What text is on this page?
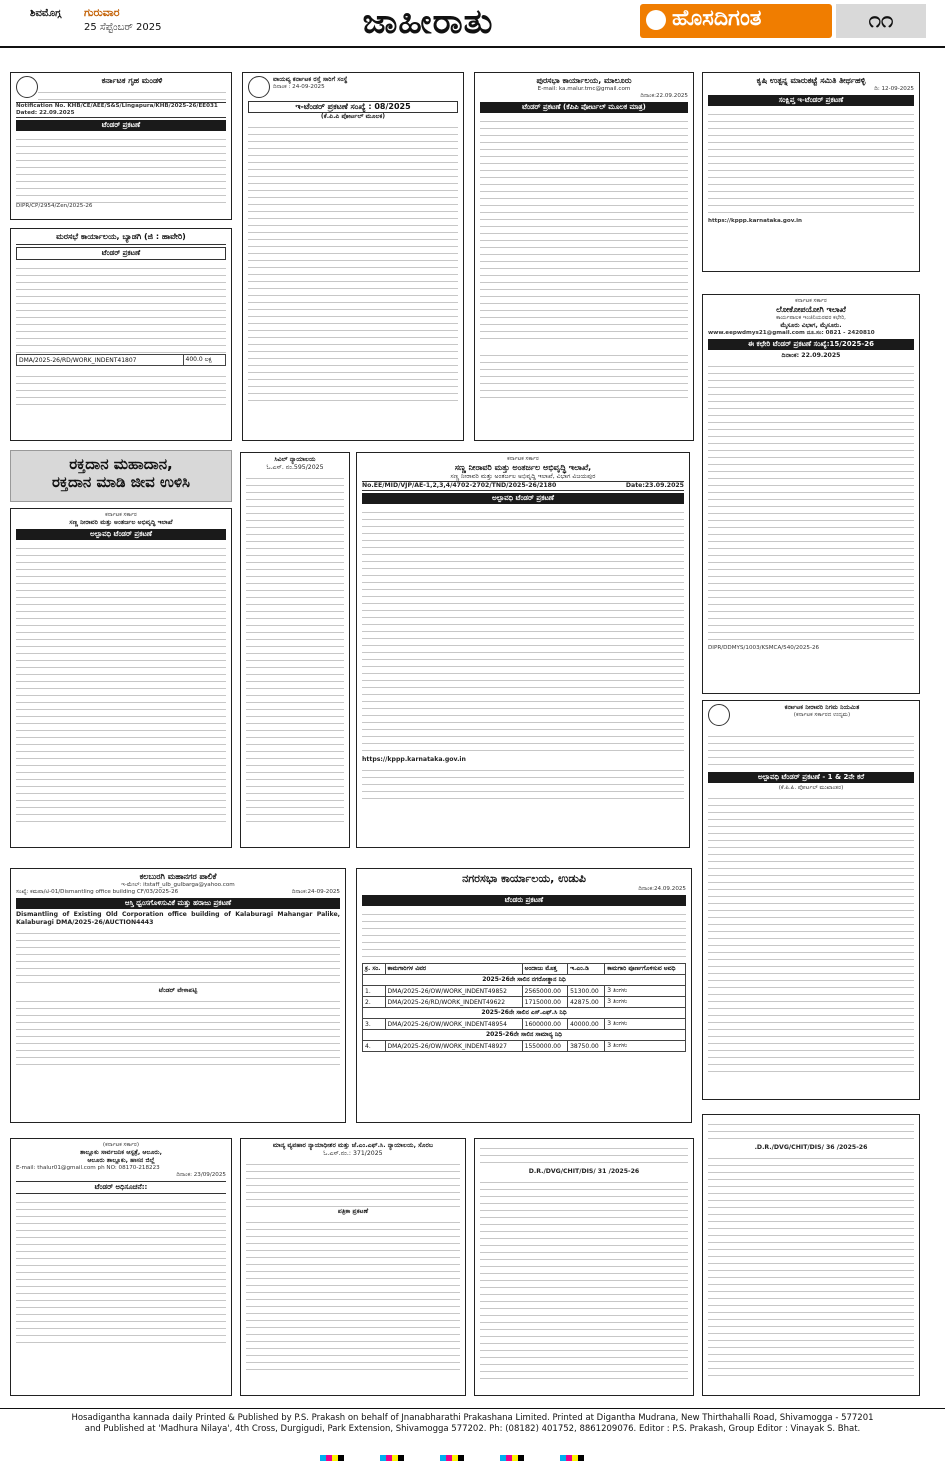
ಶಿವಮೊಗ್ಗ ಗುರುವಾರ
25 ಸೆಪ್ಟೆಂಬರ್ 2025	ಜಾಹೀರಾತು	ಹೊಸದಿಗಂತ	೧೧
ಕರ್ನಾಟಕ ಗೃಹ ಮಂಡಳಿ
Notification No. KHB/CE/AEE/S&S/Lingapura/KHB/2025-26/EE031 Dated: 22.09.2025
ಟೆಂಡರ್ ಪ್ರಕಟಣೆ
DIPR/CP/2954/Zen/2025-26
ಮರಸಭೆ ಕಾರ್ಯಾಲಯ, ಬ್ಯಾಡಗಿ (ಜಿ : ಹಾವೇರಿ)
ಟೆಂಡರ್ ಪ್ರಕಟಣೆ
DMA/2025-26/RD/WORK_INDENT41807	400.0 ಲಕ್ಷ
ವಾಯವ್ಯ ಕರ್ನಾಟಕ ರಸ್ತೆ ಸಾರಿಗೆ ಸಂಸ್ಥೆ
ದಿನಾಂಕ : 24-09-2025
ಇ-ಟೆಂಡರ್ ಪ್ರಕಟಣೆ ಸಂಖ್ಯೆ : 08/2025
(ಕೆ.ಪಿ.ಪಿ ಪೋರ್ಟಲ್ ಮೂಲಕ)
ಪುರಸಭಾ ಕಾರ್ಯಾಲಯ, ಮಾಲೂರು
E-mail: ka.malur.tmc@gmail.com
ದಿನಾಂಕ:22.09.2025
ಟೆಂಡರ್ ಪ್ರಕಟಣೆ (ಕೆಪಿಪಿ ಪೋರ್ಟಲ್ ಮೂಲಕ ಮಾತ್ರ)
ಕೃಷಿ ಉತ್ಪನ್ನ ಮಾರುಕಟ್ಟೆ ಸಮಿತಿ ತೀರ್ಥಹಳ್ಳಿ
ದಿ: 12-09-2025
ಸಂಕ್ಷಿಪ್ತ ಇ-ಟೆಂಡರ್ ಪ್ರಕಟಣೆ
https://kppp.karnataka.gov.in
ಕರ್ನಾಟಕ ಸರ್ಕಾರ
ಲೋಕೋಪಯೋಗಿ ಇಲಾಖೆ
ಕಾರ್ಯಪಾಲಕ ಇಂಜಿನಿಯರವರ ಕಛೇರಿ,
ಮೈಸೂರು ವಿಭಾಗ, ಮೈಸೂರು.
www.eepwdmys21@gmail.com ದೂ.ಸಂ: 0821 - 2420810
ಈ ಕಛೇರಿ ಟೆಂಡರ್ ಪ್ರಕಟಣೆ ಸಂಖ್ಯೆ:15/2025-26
ದಿನಾಂಕ: 22.09.2025
DIPR/DDMYS/1003/KSMCA/540/2025-26
ರಕ್ತದಾನ ಮಹಾದಾನ,
ರಕ್ತದಾನ ಮಾಡಿ ಜೀವ ಉಳಿಸಿ
ಕರ್ನಾಟಕ ಸರ್ಕಾರ
ಸಣ್ಣ ನೀರಾವರಿ ಮತ್ತು ಅಂತರ್ಜಲ ಅಭಿವೃದ್ಧಿ ಇಲಾಖೆ
ಅಲ್ಪಾವಧಿ ಟೆಂಡರ್ ಪ್ರಕಟಣೆ
ಸಿವಿಲ್ ನ್ಯಾಯಾಲಯ
ಓ.ಎಸ್. ನಂ.595/2025
ಕರ್ನಾಟಕ ಸರ್ಕಾರ
ಸಣ್ಣ ನೀರಾವರಿ ಮತ್ತು ಅಂತರ್ಜಲ ಅಭಿವೃದ್ಧಿ ಇಲಾಖೆ,
ಸಣ್ಣ ನೀರಾವರಿ ಮತ್ತು ಅಂತರ್ಜಲ ಅಭಿವೃದ್ಧಿ ಇಲಾಖೆ, ವಿಭಾಗ ವಿಜಯಪುರ
No.EE/MID/VJP/AE-1,2,3,4/4702-2702/TND/2025-26/2180	Date:23.09.2025
ಅಲ್ಪಾವಧಿ ಟೆಂಡರ್ ಪ್ರಕಟಣೆ
https://kppp.karnataka.gov.in
ಕರ್ನಾಟಕ ನೀರಾವರಿ ನಿಗಮ ನಿಯಮಿತ
(ಕರ್ನಾಟಕ ಸರ್ಕಾರದ ಉದ್ಯಮ)
ಅಲ್ಪಾವಧಿ ಟೆಂಡರ್ ಪ್ರಕಟಣೆ - 1 & 2ನೇ ಕರೆ
(ಕೆ.ಪಿ.ಪಿ. ಪೋರ್ಟಲ್ ಮುಖಾಂತರ)
ಕಲಬುರಗಿ ಮಹಾನಗರ ಪಾಲಿಕೆ
ಇ-ಮೇಲ್: itstaff_ulb_gulbarga@yahoo.com
ಸಂಖ್ಯೆ: ಕಮಪಾ/ಟಿ-01/Dismantling office building CF/03/2025-26	ದಿನಾಂಕ:24-09-2025
ಆಸ್ತಿ ಧ್ವಂಸಗೊಳಿಸುವಿಕೆ ಮತ್ತು ಹರಾಜು ಪ್ರಕಟಣೆ
Dismantling of Existing Old Corporation office building of Kalaburagi Mahangar Palike, Kalaburagi DMA/2025-26/AUCTION4443
ಟೆಂಡರ್ ವೇಳಾಪಟ್ಟಿ
ನಗರಸಭಾ ಕಾರ್ಯಾಲಯ, ಉಡುಪಿ
ದಿನಾಂಕ:24.09.2025
ಟೆಂಡರು ಪ್ರಕಟಣೆ
ಕ್ರ. ಸಂ.	ಕಾಮಗಾರಿಗಳ ವಿವರ	ಅಂದಾಜು ಮೊತ್ತ	ಇ.ಎಂ.ಡಿ	ಕಾಮಗಾರಿ ಪೂರ್ಣಗೊಳಿಸುವ ಅವಧಿ
2025-26ನೇ ಸಾಲಿನ ನಗರೋತ್ಥಾನ ನಿಧಿ				
1.	DMA/2025-26/OW/WORK_INDENT49852	2565000.00	51300.00	3 ತಿಂಗಳು
2.	DMA/2025-26/RD/WORK_INDENT49622	1715000.00	42875.00	3 ತಿಂಗಳು
2025-26ನೇ ಸಾಲಿನ ಎಸ್.ಎಫ್.ಸಿ ನಿಧಿ				
3.	DMA/2025-26/OW/WORK_INDENT48954	1600000.00	40000.00	3 ತಿಂಗಳು
2025-26ನೇ ಸಾಲಿನ ಸಾಮಾನ್ಯ ನಿಧಿ				
4.	DMA/2025-26/OW/WORK_INDENT48927	1550000.00	38750.00	3 ತಿಂಗಳು
(ಕರ್ನಾಟಕ ಸರ್ಕಾರ)
ತಾಲ್ಲೂಕು ಸಾರ್ವಜನಿಕ ಆಸ್ಪತ್ರೆ, ಆಲೂರು,
ಆಲೂರು ತಾಲ್ಲೂಕು, ಹಾಸನ ಜಿಲ್ಲೆ
E-mail: thalur01@gmail.com ph NO: 08170-218223
ದಿನಾಂಕ: 23/09/2025
ಟೆಂಡರ್ ಅಧಿಸೂಚನೆ::
ಮಾನ್ಯ ವ್ಯವಹಾರ ನ್ಯಾಯಾಧೀಶರ ಮತ್ತು ಜೆ.ಎಂ.ಎಫ್.ಸಿ. ನ್ಯಾಯಾಲಯ, ಸೊರಬ
ಓ.ಎಸ್.ನಂ.: 371/2025
ಪತ್ರಿಕಾ ಪ್ರಕಟಣೆ
D.R./DVG/CHIT/DIS/ 31 /2025-26
.D.R./DVG/CHIT/DIS/ 36 /2025-26
Hosadigantha kannada daily Printed & Published by P.S. Prakash on behalf of Jnanabharathi Prakashana Limited. Printed at Digantha Mudrana, New Thirthahalli Road, Shivamogga - 577201
and Published at 'Madhura Nilaya', 4th Cross, Durgigudi, Park Extension, Shivamogga 577202. Ph: (08182) 401752, 8861209076. Editor : P.S. Prakash, Group Editor : Vinayak S. Bhat.
